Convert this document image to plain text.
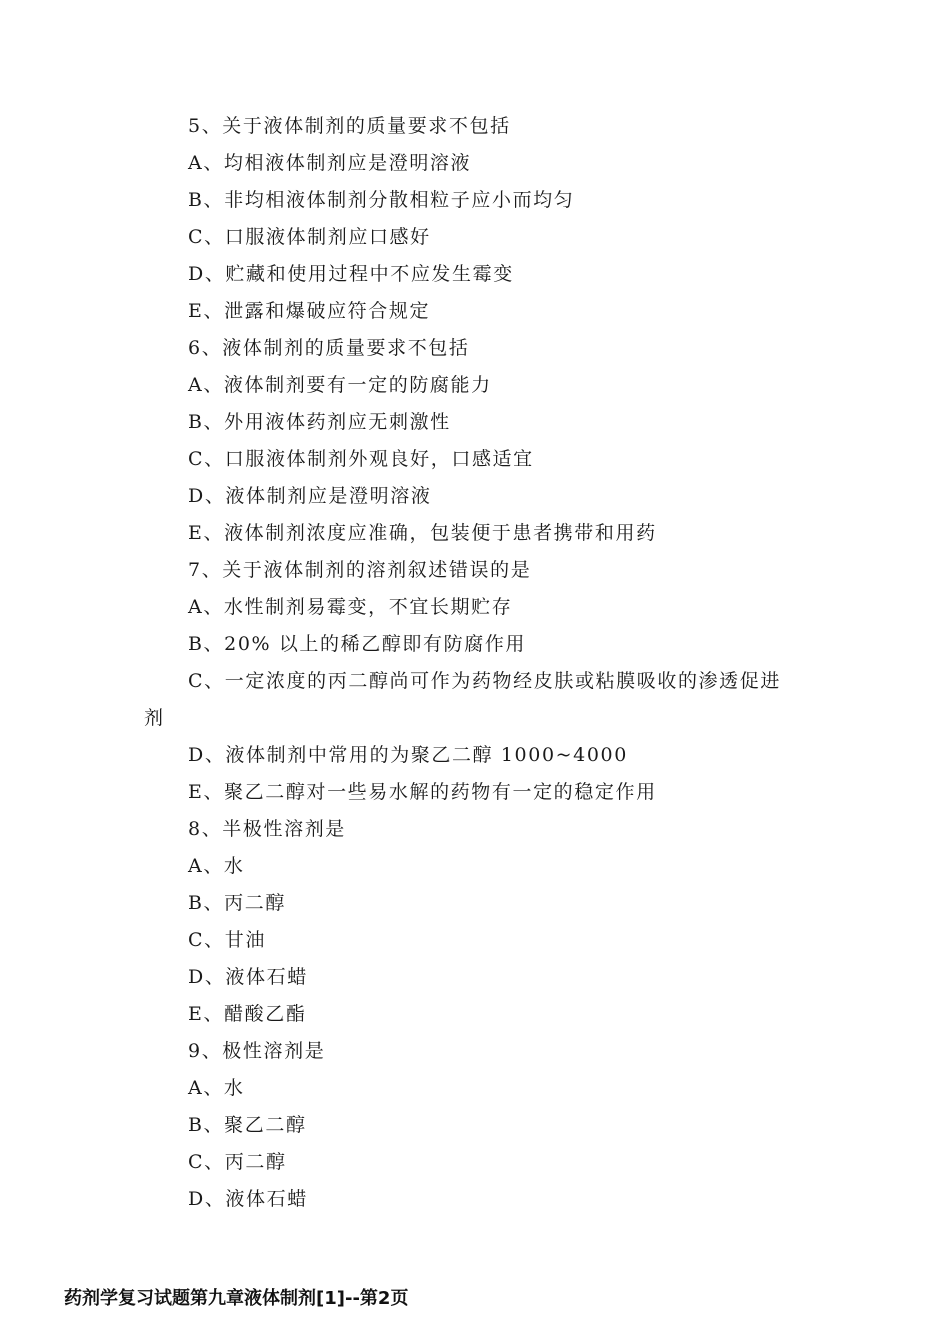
5、关于液体制剂的质量要求不包括
A、均相液体制剂应是澄明溶液
B、非均相液体制剂分散相粒子应小而均匀
C、口服液体制剂应口感好
D、贮藏和使用过程中不应发生霉变
E、泄露和爆破应符合规定
6、液体制剂的质量要求不包括
A、液体制剂要有一定的防腐能力
B、外用液体药剂应无刺激性
C、口服液体制剂外观良好，口感适宜
D、液体制剂应是澄明溶液
E、液体制剂浓度应准确，包装便于患者携带和用药
7、关于液体制剂的溶剂叙述错误的是
A、水性制剂易霉变，不宜长期贮存
B、20% 以上的稀乙醇即有防腐作用
C、一定浓度的丙二醇尚可作为药物经皮肤或粘膜吸收的渗透促进
剂
D、液体制剂中常用的为聚乙二醇 1000~4000
E、聚乙二醇对一些易水解的药物有一定的稳定作用
8、半极性溶剂是
A、水
B、丙二醇
C、甘油
D、液体石蜡
E、醋酸乙酯
9、极性溶剂是
A、水
B、聚乙二醇
C、丙二醇
D、液体石蜡
药剂学复习试题第九章液体制剂[1]--第2页
